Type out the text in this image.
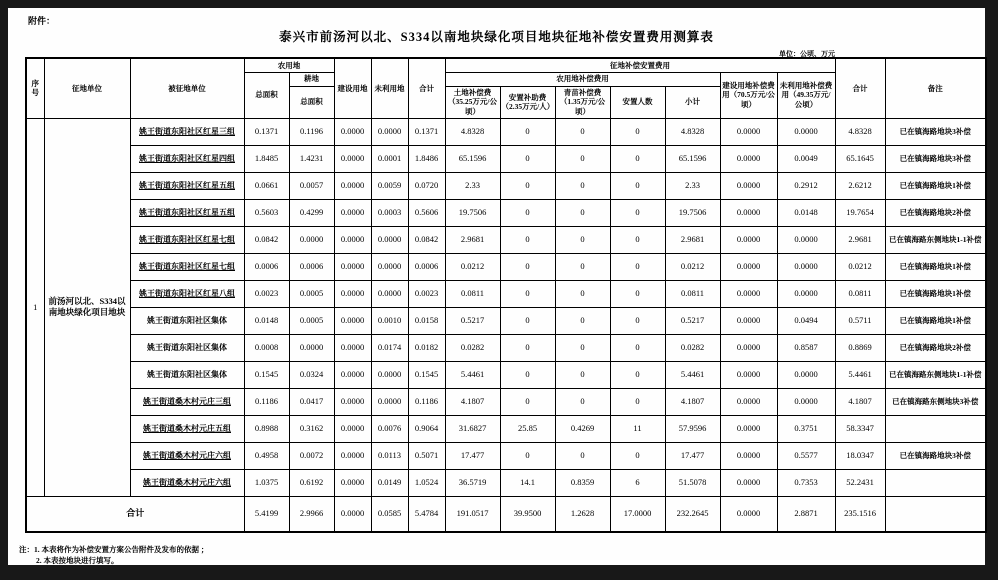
附件：
泰兴市前汤河以北、S334以南地块绿化项目地块征地补偿安置费用测算表
单位：公顷、万元
序号	征地单位	被征地单位	农用地		建设用地	未利用地	合计	征地补偿安置费用							合计	备注
			总面积	耕地				农用地补偿费用					建设用地补偿费用（70.5万元/公顷）	未利用地补偿费用（49.35万元/公顷）		
				总面积				土地补偿费（35.25万元/公顷）	安置补助费（2.35万元/人）	青苗补偿费（1.35万元/公顷）	安置人数	小计				
1	前汤河以北、S334以南地块绿化项目地块	姚王街道东阳社区红星三组	0.1371	0.1196	0.0000	0.0000	0.1371	4.8328	0	0	0	4.8328	0.0000	0.0000	4.8328	已在镇海路地块3补偿
		姚王街道东阳社区红星四组	1.8485	1.4231	0.0000	0.0001	1.8486	65.1596	0	0	0	65.1596	0.0000	0.0049	65.1645	已在镇海路地块3补偿
		姚王街道东阳社区红星五组	0.0661	0.0057	0.0000	0.0059	0.0720	2.33	0	0	0	2.33	0.0000	0.2912	2.6212	已在镇海路地块1补偿
		姚王街道东阳社区红星五组	0.5603	0.4299	0.0000	0.0003	0.5606	19.7506	0	0	0	19.7506	0.0000	0.0148	19.7654	已在镇海路地块2补偿
		姚王街道东阳社区红星七组	0.0842	0.0000	0.0000	0.0000	0.0842	2.9681	0	0	0	2.9681	0.0000	0.0000	2.9681	已在镇海路东侧地块1-1补偿
		姚王街道东阳社区红星七组	0.0006	0.0006	0.0000	0.0000	0.0006	0.0212	0	0	0	0.0212	0.0000	0.0000	0.0212	已在镇海路地块1补偿
		姚王街道东阳社区红星八组	0.0023	0.0005	0.0000	0.0000	0.0023	0.0811	0	0	0	0.0811	0.0000	0.0000	0.0811	已在镇海路地块1补偿
		姚王街道东阳社区集体	0.0148	0.0005	0.0000	0.0010	0.0158	0.5217	0	0	0	0.5217	0.0000	0.0494	0.5711	已在镇海路地块1补偿
		姚王街道东阳社区集体	0.0008	0.0000	0.0000	0.0174	0.0182	0.0282	0	0	0	0.0282	0.0000	0.8587	0.8869	已在镇海路地块2补偿
		姚王街道东阳社区集体	0.1545	0.0324	0.0000	0.0000	0.1545	5.4461	0	0	0	5.4461	0.0000	0.0000	5.4461	已在镇海路东侧地块1-1补偿
		姚王街道桑木村元庄三组	0.1186	0.0417	0.0000	0.0000	0.1186	4.1807	0	0	0	4.1807	0.0000	0.0000	4.1807	已在镇海路东侧地块3补偿
		姚王街道桑木村元庄五组	0.8988	0.3162	0.0000	0.0076	0.9064	31.6827	25.85	0.4269	11	57.9596	0.0000	0.3751	58.3347	
		姚王街道桑木村元庄六组	0.4958	0.0072	0.0000	0.0113	0.5071	17.477	0	0	0	17.477	0.0000	0.5577	18.0347	已在镇海路地块3补偿
		姚王街道桑木村元庄六组	1.0375	0.6192	0.0000	0.0149	1.0524	36.5719	14.1	0.8359	6	51.5078	0.0000	0.7353	52.2431	
合计			5.4199	2.9966	0.0000	0.0585	5.4784	191.0517	39.9500	1.2628	17.0000	232.2645	0.0000	2.8871	235.1516	
注：1. 本表将作为补偿安置方案公告附件及发布的依据 ；
2. 本表按地块进行填写。
